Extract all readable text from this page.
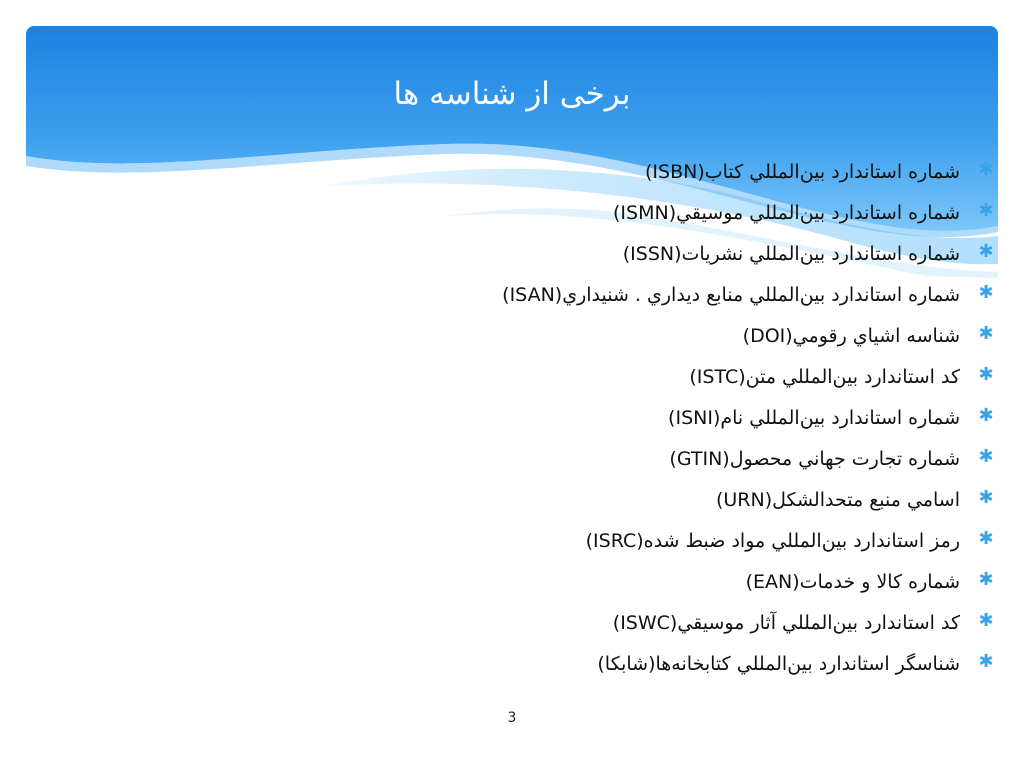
برخی از شناسه ها
✱
شماره استاندارد بين‌المللي كتاب(ISBN)
✱
شماره استاندارد بين‌المللي موسيقي(ISMN)
✱
شماره استاندارد بين‌المللي نشريات(ISSN)
✱
شماره استاندارد بين‌المللي منابع ديداري . شنيداري(ISAN)
✱
شناسه اشياي رقومي(DOI)
✱
كد استاندارد بين‌المللي متن(ISTC)
✱
شماره استاندارد بين‌المللي نام(ISNI)
✱
شماره تجارت جهاني محصول(GTIN)
✱
اسامي منبع متحدالشكل(URN)
✱
رمز استاندارد بين‌المللي مواد ضبط شده(ISRC)
✱
شماره كالا و خدمات(EAN)
✱
كد استاندارد بين‌المللي آثار موسيقي(ISWC)
✱
شناسگر استاندارد بين‌المللي كتابخانه‌ها(شابكا)
3
